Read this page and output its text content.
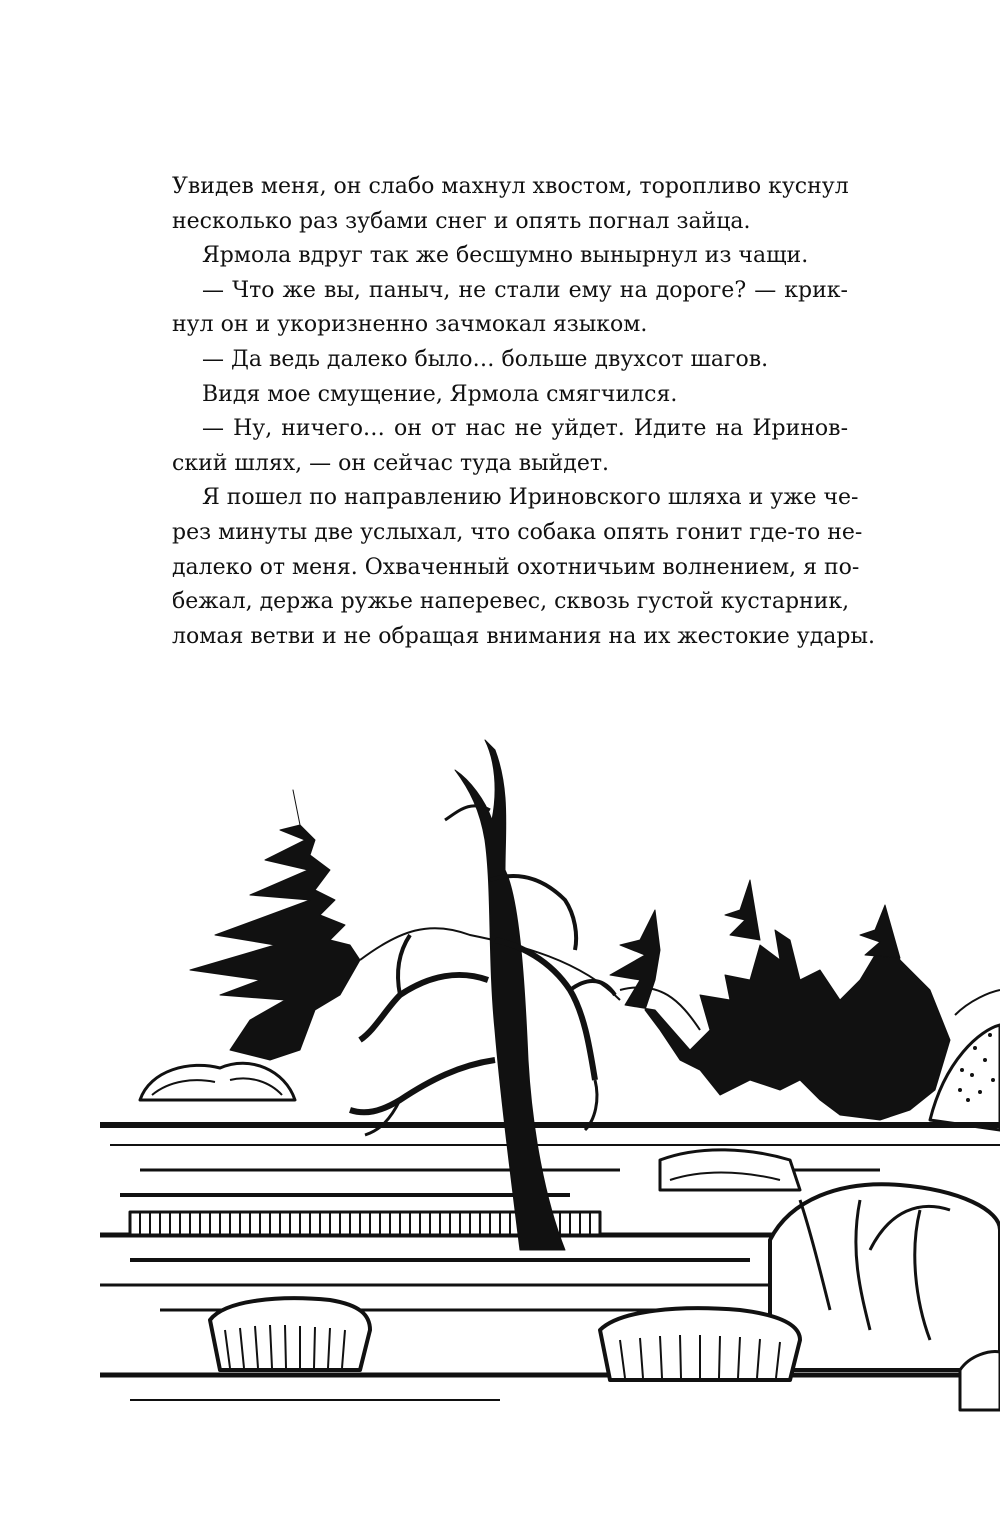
Увидев меня, он слабо махнул хвостом, торопливо куснул
несколько раз зубами снег и опять погнал зайца.
Ярмола вдруг так же бесшумно вынырнул из чащи.
— Что же вы, паныч, не стали ему на дороге? — крик-
нул он и укоризненно зачмокал языком.
— Да ведь далеко было… больше двухсот шагов.
Видя мое смущение, Ярмола смягчился.
— Ну, ничего… он от нас не уйдет. Идите на Иринов-
ский шлях, — он сейчас туда выйдет.
Я пошел по направлению Ириновского шляха и уже че-
рез минуты две услыхал, что собака опять гонит где-то не-
далеко от меня. Охваченный охотничьим волнением, я по-
бежал, держа ружье наперевес, сквозь густой кустарник,
ломая ветви и не обращая внимания на их жестокие удары.
